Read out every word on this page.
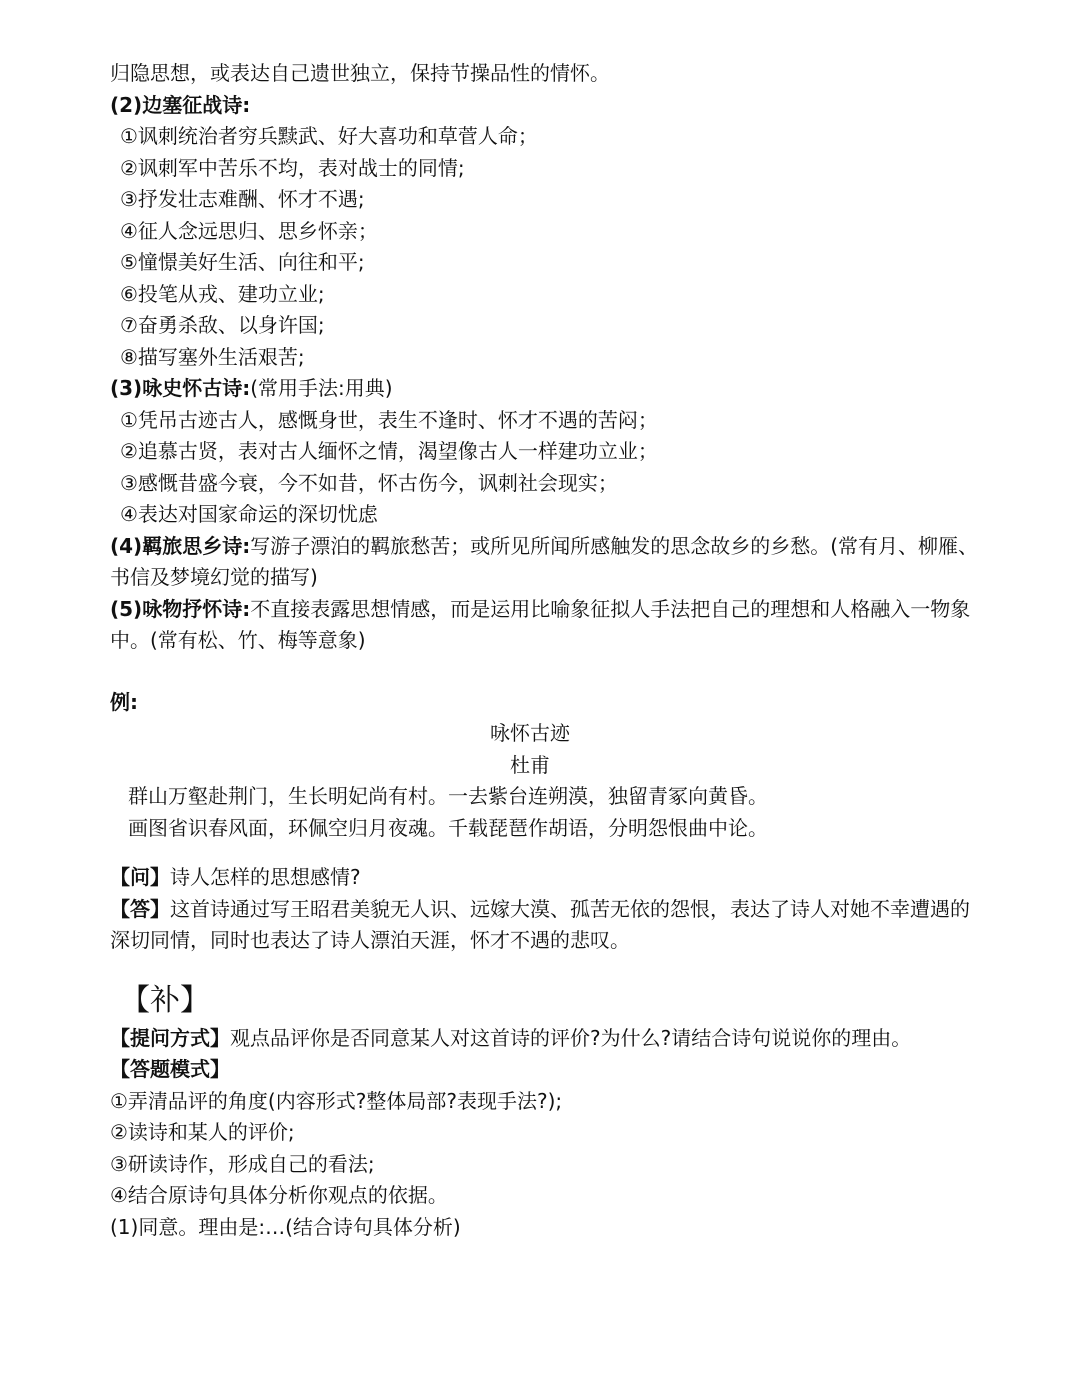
归隐思想，或表达自己遗世独立，保持节操品性的情怀。
(2)边塞征战诗:
①讽刺统治者穷兵黩武、好大喜功和草菅人命；
②讽刺军中苦乐不均，表对战士的同情;
③抒发壮志难酬、怀才不遇;
④征人念远思归、思乡怀亲；
⑤憧憬美好生活、向往和平;
⑥投笔从戎、建功立业;
⑦奋勇杀敌、以身许国;
⑧描写塞外生活艰苦;
(3)咏史怀古诗:(常用手法:用典)
①凭吊古迹古人，感慨身世，表生不逢时、怀才不遇的苦闷；
②追慕古贤，表对古人缅怀之情，渴望像古人一样建功立业；
③感慨昔盛今衰，今不如昔，怀古伤今，讽刺社会现实；
④表达对国家命运的深切忧虑
(4)羁旅思乡诗:写游子漂泊的羁旅愁苦；或所见所闻所感触发的思念故乡的乡愁。(常有月、柳雁、书信及梦境幻觉的描写)
(5)咏物抒怀诗:不直接表露思想情感，而是运用比喻象征拟人手法把自己的理想和人格融入一物象中。(常有松、竹、梅等意象)
例:
咏怀古迹
杜甫
群山万壑赴荆门，生长明妃尚有村。一去紫台连朔漠，独留青冢向黄昏。
画图省识春风面，环佩空归月夜魂。千载琵琶作胡语，分明怨恨曲中论。
【问】诗人怎样的思想感情?
【答】这首诗通过写王昭君美貌无人识、远嫁大漠、孤苦无依的怨恨，表达了诗人对她不幸遭遇的深切同情，同时也表达了诗人漂泊天涯，怀才不遇的悲叹。
【补】
【提问方式】观点品评你是否同意某人对这首诗的评价?为什么?请结合诗句说说你的理由。
【答题模式】
①弄清品评的角度(内容形式?整体局部?表现手法?);
②读诗和某人的评价;
③研读诗作，形成自己的看法;
④结合原诗句具体分析你观点的依据。
(1)同意。理由是:…(结合诗句具体分析)
